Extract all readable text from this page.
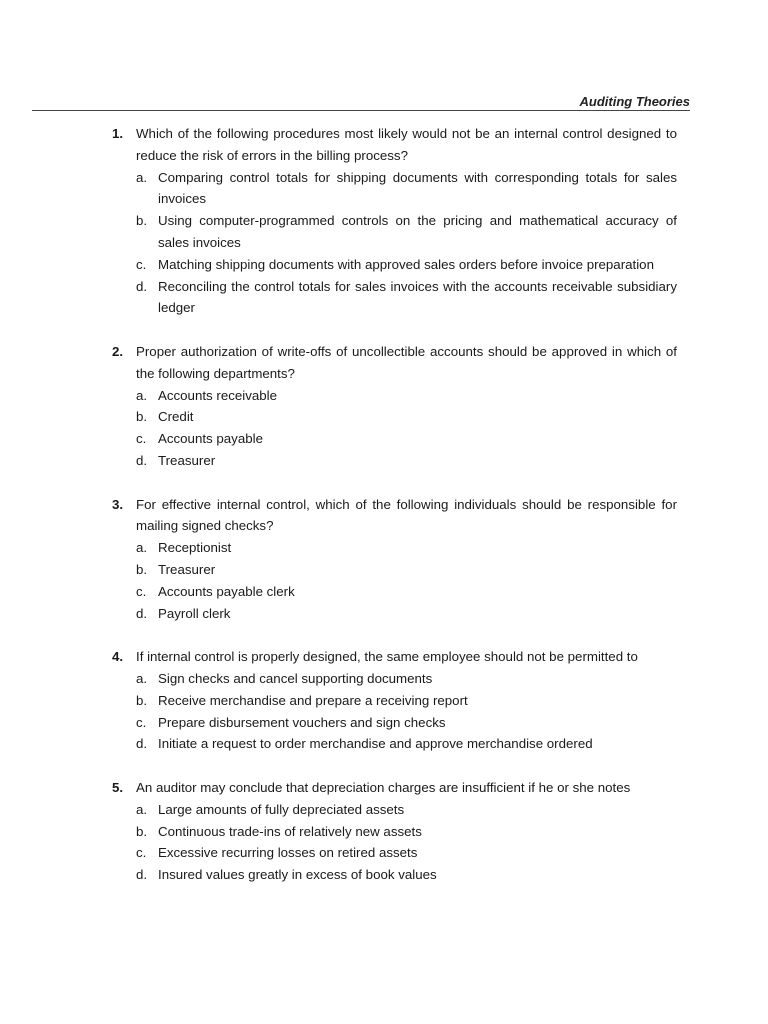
Auditing Theories
1. Which of the following procedures most likely would not be an internal control designed to reduce the risk of errors in the billing process?
a. Comparing control totals for shipping documents with corresponding totals for sales invoices
b. Using computer-programmed controls on the pricing and mathematical accuracy of sales invoices
c. Matching shipping documents with approved sales orders before invoice preparation
d. Reconciling the control totals for sales invoices with the accounts receivable subsidiary ledger
2. Proper authorization of write-offs of uncollectible accounts should be approved in which of the following departments?
a. Accounts receivable
b. Credit
c. Accounts payable
d. Treasurer
3. For effective internal control, which of the following individuals should be responsible for mailing signed checks?
a. Receptionist
b. Treasurer
c. Accounts payable clerk
d. Payroll clerk
4. If internal control is properly designed, the same employee should not be permitted to
a. Sign checks and cancel supporting documents
b. Receive merchandise and prepare a receiving report
c. Prepare disbursement vouchers and sign checks
d. Initiate a request to order merchandise and approve merchandise ordered
5. An auditor may conclude that depreciation charges are insufficient if he or she notes
a. Large amounts of fully depreciated assets
b. Continuous trade-ins of relatively new assets
c. Excessive recurring losses on retired assets
d. Insured values greatly in excess of book values
